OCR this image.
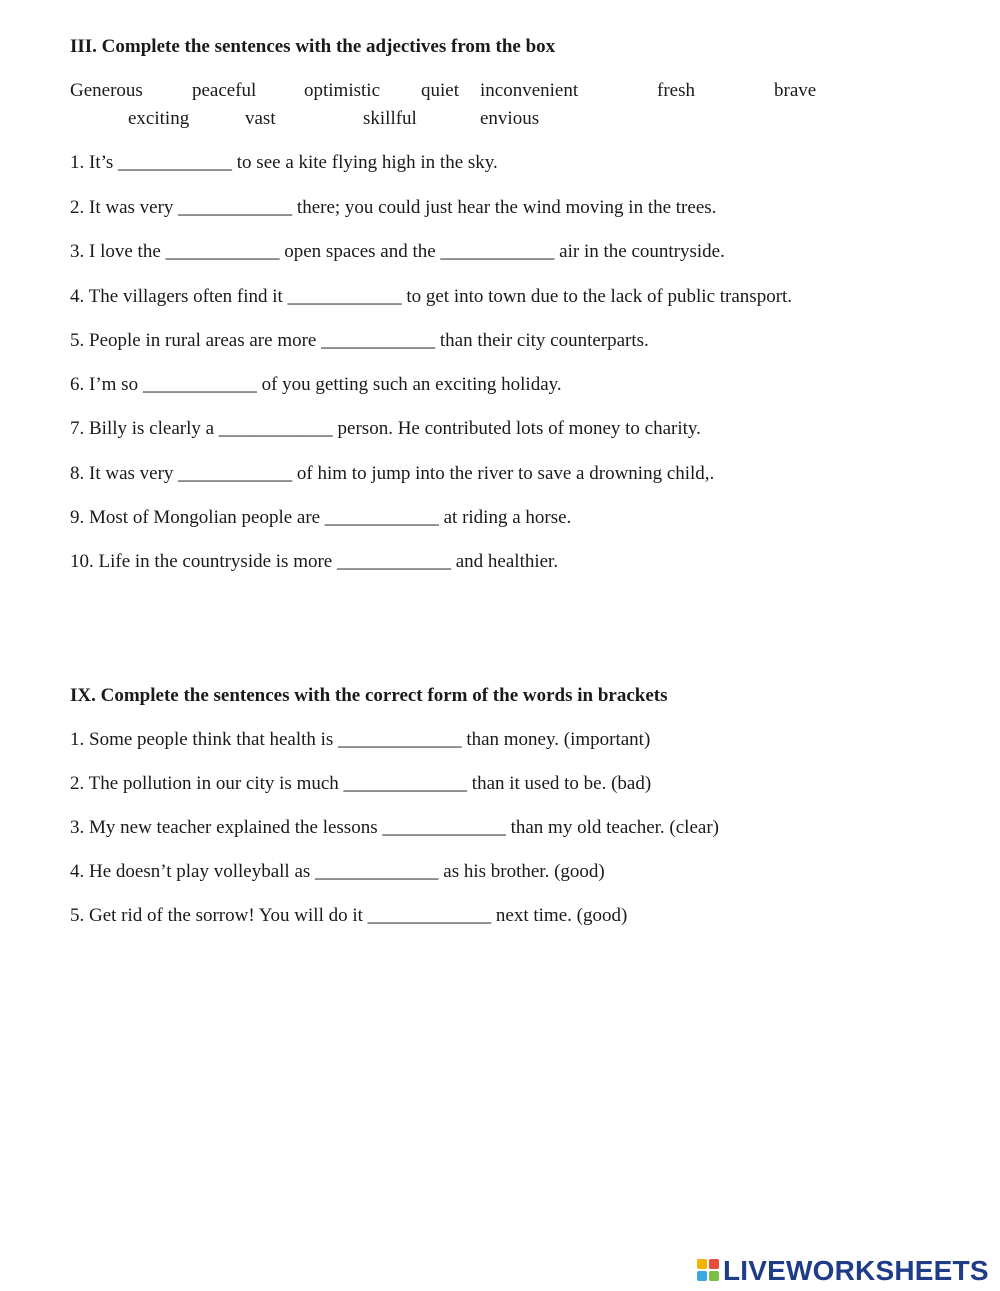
III. Complete the sentences with the adjectives from the box
Generous	peaceful	optimistic quiet inconvenient	fresh	brave
exciting	vast	skillful	envious
1. It’s ____________ to see a kite flying high in the sky.
2. It was very ____________ there; you could just hear the wind moving in the trees.
3. I love the ____________ open spaces and the ____________ air in the countryside.
4. The villagers often find it ____________ to get into town due to the lack of public transport.
5. People in rural areas are more ____________ than their city counterparts.
6. I’m so ____________ of you getting such an exciting holiday.
7. Billy is clearly a ____________ person. He contributed lots of money to charity.
8. It was very ____________ of him to jump into the river to save a drowning child,.
9. Most of Mongolian people are ____________ at riding a horse.
10. Life in the countryside is more ____________ and healthier.
IX. Complete the sentences with the correct form of the words in brackets
1. Some people think that health is _____________ than money. (important)
2. The pollution in our city is much _____________ than it used to be. (bad)
3. My new teacher explained the lessons _____________ than my old teacher. (clear)
4. He doesn’t play volleyball as _____________ as his brother. (good)
5. Get rid of the sorrow! You will do it _____________ next time. (good)
LIVEWORKSHEETS
